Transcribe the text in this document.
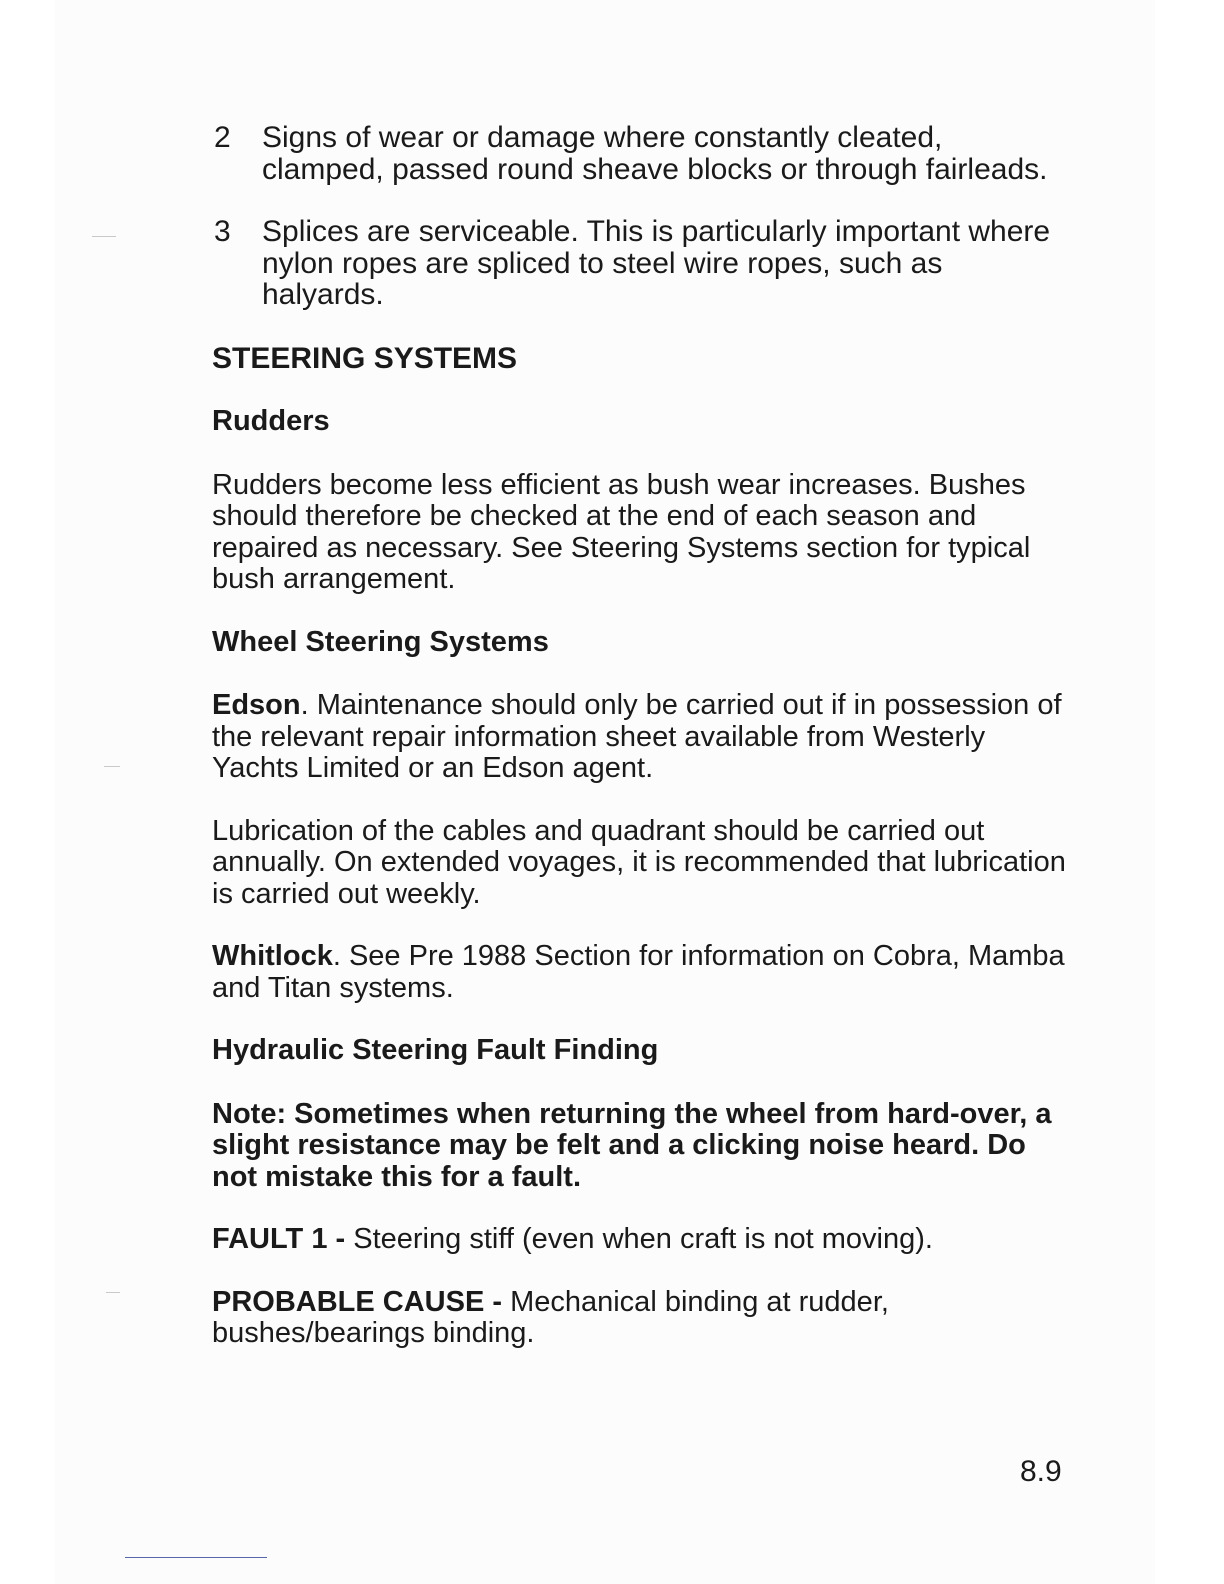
2	Signs of wear or damage where constantly cleated, clamped, passed round sheave blocks or through fairleads.
3	Splices are serviceable. This is particularly important where nylon ropes are spliced to steel wire ropes, such as halyards.
STEERING SYSTEMS
Rudders
Rudders become less efficient as bush wear increases. Bushes should therefore be checked at the end of each season and repaired as necessary. See Steering Systems section for typical bush arrangement.
Wheel Steering Systems
Edson. Maintenance should only be carried out if in possession of the relevant repair information sheet available from Westerly Yachts Limited or an Edson agent.
Lubrication of the cables and quadrant should be carried out annually. On extended voyages, it is recommended that lubrication is carried out weekly.
Whitlock. See Pre 1988 Section for information on Cobra, Mamba and Titan systems.
Hydraulic Steering Fault Finding
Note: Sometimes when returning the wheel from hard-over, a slight resistance may be felt and a clicking noise heard. Do not mistake this for a fault.
FAULT 1 - Steering stiff (even when craft is not moving).
PROBABLE CAUSE - Mechanical binding at rudder, bushes/bearings binding.
8.9
